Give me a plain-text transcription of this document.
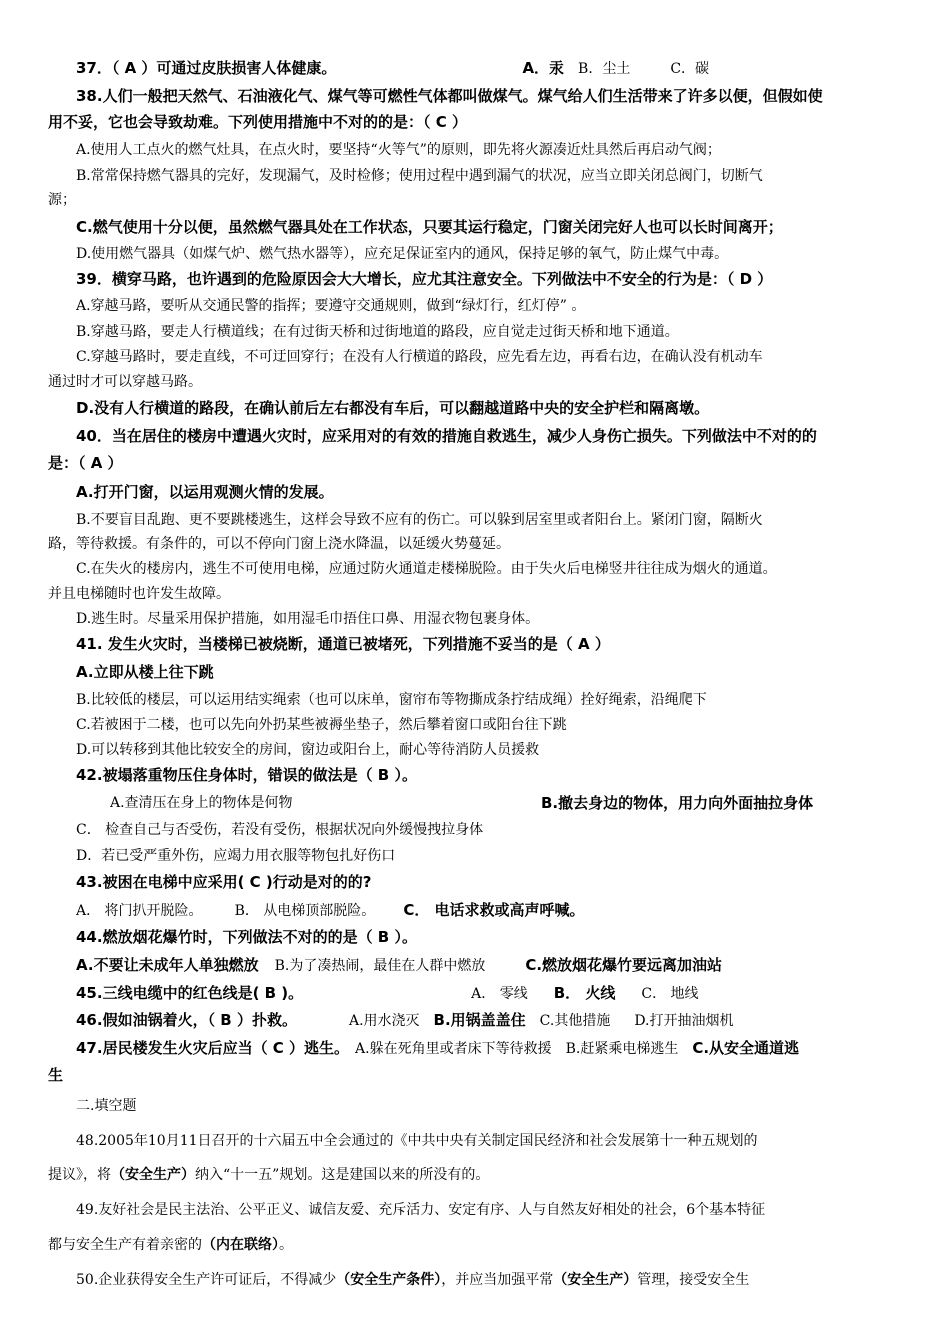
37．（ A ）可通过皮肤损害人体健康。	A．汞 B．尘土	C．碳
38.人们一般把天然气、石油液化气、煤气等可燃性气体都叫做煤气。煤气给人们生活带来了许多以便，但假如使
用不妥，它也会导致劫难。下列使用措施中不对的的是：（ C ）
A.使用人工点火的燃气灶具，在点火时，要坚持“火等气”的原则，即先将火源凑近灶具然后再启动气阀；
B.常常保持燃气器具的完好，发现漏气，及时检修；使用过程中遇到漏气的状况，应当立即关闭总阀门，切断气
源；
C.燃气使用十分以便，虽然燃气器具处在工作状态，只要其运行稳定，门窗关闭完好人也可以长时间离开；
D.使用燃气器具（如煤气炉、燃气热水器等），应充足保证室内的通风，保持足够的氧气，防止煤气中毒。
39．横穿马路，也许遇到的危险原因会大大增长，应尤其注意安全。下列做法中不安全的行为是：（ D ）
A.穿越马路，要听从交通民警的指挥；要遵守交通规则，做到“绿灯行，红灯停” 。
B.穿越马路，要走人行横道线；在有过街天桥和过街地道的路段，应自觉走过街天桥和地下通道。
C.穿越马路时，要走直线，不可迂回穿行；在没有人行横道的路段，应先看左边，再看右边，在确认没有机动车
通过时才可以穿越马路。
D.没有人行横道的路段，在确认前后左右都没有车后，可以翻越道路中央的安全护栏和隔离墩。
40．当在居住的楼房中遭遇火灾时，应采用对的有效的措施自救逃生，减少人身伤亡损失。下列做法中不对的的
是：（ A ）
A.打开门窗，以运用观测火情的发展。
B.不要盲目乱跑、更不要跳楼逃生，这样会导致不应有的伤亡。可以躲到居室里或者阳台上。紧闭门窗，隔断火
路，等待救援。有条件的，可以不停向门窗上浇水降温，以延缓火势蔓延。
C.在失火的楼房内，逃生不可使用电梯，应通过防火通道走楼梯脱险。由于失火后电梯竖井往往成为烟火的通道。
并且电梯随时也许发生故障。
D.逃生时。尽量采用保护措施，如用湿毛巾捂住口鼻、用湿衣物包裹身体。
41. 发生火灾时，当楼梯已被烧断，通道已被堵死，下列措施不妥当的是（ A ）
A.立即从楼上往下跳
B.比较低的楼层，可以运用结实绳索（也可以床单，窗帘布等物撕成条拧结成绳）拴好绳索，沿绳爬下
C.若被困于二楼，也可以先向外扔某些被褥坐垫子，然后攀着窗口或阳台往下跳
D.可以转移到其他比较安全的房间，窗边或阳台上，耐心等待消防人员援救
42.被塌落重物压住身体时，错误的做法是（ B ）。
A.查清压在身上的物体是何物	B.撤去身边的物体，用力向外面抽拉身体
C． 检查自己与否受伤，若没有受伤，根据状况向外缓慢拽拉身体
D．若已受严重外伤，应竭力用衣服等物包扎好伤口
43.被困在电梯中应采用( C )行动是对的的?
A． 将门扒开脱险。 B． 从电梯顶部脱险。 C． 电话求救或高声呼喊。
44.燃放烟花爆竹时，下列做法不对的的是（ B ）。
A.不要让未成年人单独燃放 B.为了凑热闹，最佳在人群中燃放	C.燃放烟花爆竹要远离加油站
45.三线电缆中的红色线是( B )。	A． 零线 B． 火线 C． 地线
46.假如油锅着火，（ B ）扑救。	A.用水浇灭 B.用锅盖盖住 C.其他措施 D.打开抽油烟机
47.居民楼发生火灾后应当（ C ）逃生。 A.躲在死角里或者床下等待救援 B.赶紧乘电梯逃生 C.从安全通道逃
生
二.填空题
48.2005年10月11日召开的十六届五中全会通过的《中共中央有关制定国民经济和社会发展第十一种五规划的
提议》，将（安全生产）纳入“十一五”规划。这是建国以来的所没有的。
49.友好社会是民主法治、公平正义、诚信友爱、充斥活力、安定有序、人与自然友好相处的社会，6个基本特征
都与安全生产有着亲密的（内在联络）。
50.企业获得安全生产许可证后，不得减少（安全生产条件），并应当加强平常（安全生产）管理，接受安全生
